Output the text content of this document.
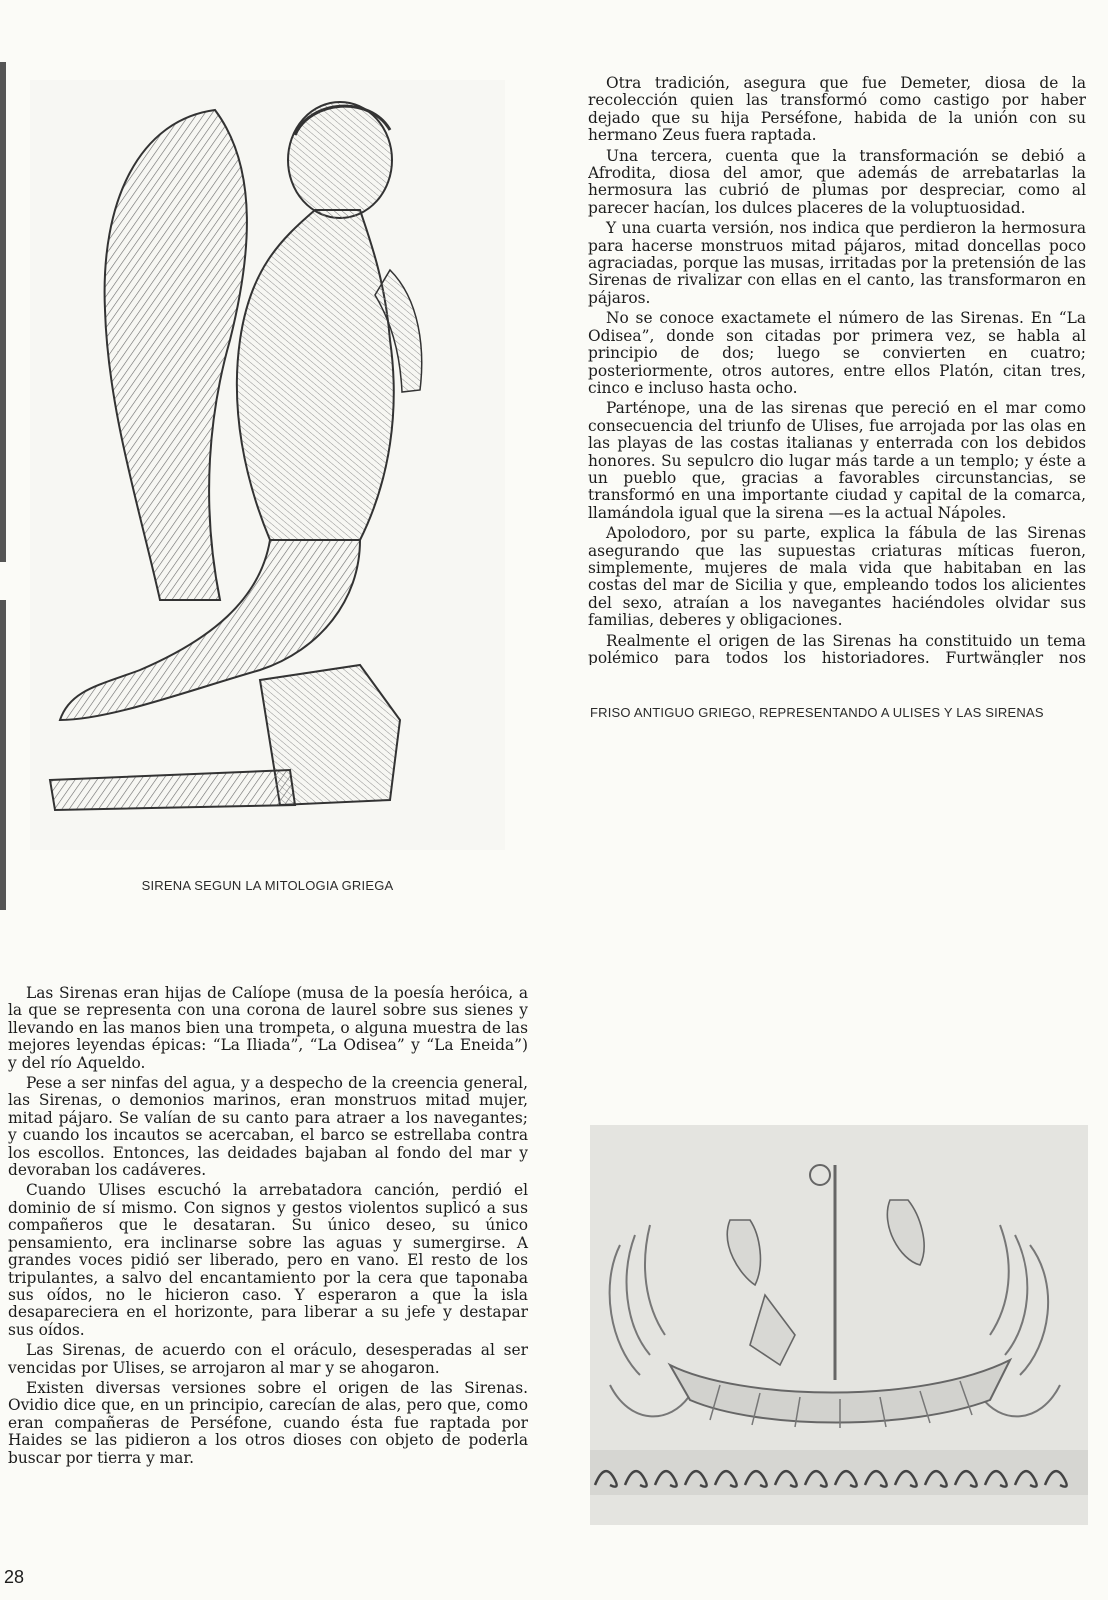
SIRENA SEGUN LA MITOLOGIA GRIEGA

Las Sirenas eran hijas de Calíope (musa de la poesía heróica, a la que se representa con una corona de laurel sobre sus sienes y llevando en las manos bien una trompeta, o alguna muestra de las mejores leyendas épicas: “La Iliada”, “La Odisea” y “La Eneida”) y del río Aqueldo.

Pese a ser ninfas del agua, y a despecho de la creencia general, las Sirenas, o demonios marinos, eran monstruos mitad mujer, mitad pájaro. Se valían de su canto para atraer a los navegantes; y cuando los incautos se acercaban, el barco se estrellaba contra los escollos. Entonces, las deidades bajaban al fondo del mar y devoraban los cadáveres.

Cuando Ulises escuchó la arrebatadora canción, perdió el dominio de sí mismo. Con signos y gestos violentos suplicó a sus compañeros que le desataran. Su único deseo, su único pensamiento, era inclinarse sobre las aguas y sumergirse. A grandes voces pidió ser liberado, pero en vano. El resto de los tripulantes, a salvo del encantamiento por la cera que taponaba sus oídos, no le hicieron caso. Y esperaron a que la isla desapareciera en el horizonte, para liberar a su jefe y destapar sus oídos.

Las Sirenas, de acuerdo con el oráculo, desesperadas al ser vencidas por Ulises, se arrojaron al mar y se ahogaron.

Existen diversas versiones sobre el origen de las Sirenas. Ovidio dice que, en un principio, carecían de alas, pero que, como eran compañeras de Perséfone, cuando ésta fue raptada por Haides se las pidieron a los otros dioses con objeto de poderla buscar por tierra y mar.

Otra tradición, asegura que fue Demeter, diosa de la recolección quien las transformó como castigo por haber dejado que su hija Perséfone, habida de la unión con su hermano Zeus fuera raptada.

Una tercera, cuenta que la transformación se debió a Afrodita, diosa del amor, que además de arrebatarlas la hermosura las cubrió de plumas por despreciar, como al parecer hacían, los dulces placeres de la voluptuosidad.

Y una cuarta versión, nos indica que perdieron la hermosura para hacerse monstruos mitad pájaros, mitad doncellas poco agraciadas, porque las musas, irritadas por la pretensión de las Sirenas de rivalizar con ellas en el canto, las transformaron en pájaros.

No se conoce exactamete el número de las Sirenas. En “La Odisea”, donde son citadas por primera vez, se habla al principio de dos; luego se convierten en cuatro; posteriormente, otros autores, entre ellos Platón, citan tres, cinco e incluso hasta ocho.

Parténope, una de las sirenas que pereció en el mar como consecuencia del triunfo de Ulises, fue arrojada por las olas en las playas de las costas italianas y enterrada con los debidos honores. Su sepulcro dio lugar más tarde a un templo; y éste a un pueblo que, gracias a favorables circunstancias, se transformó en una importante ciudad y capital de la comarca, llamándola igual que la sirena —es la actual Nápoles.

Apolodoro, por su parte, explica la fábula de las Sirenas asegurando que las supuestas criaturas míticas fueron, simplemente, mujeres de mala vida que habitaban en las costas del mar de Sicilia y que, empleando todos los alicientes del sexo, atraían a los navegantes haciéndoles olvidar sus familias, deberes y obligaciones.

Realmente el origen de las Sirenas ha constituido un tema polémico para todos los historiadores. Furtwängler nos

FRISO ANTIGUO GRIEGO, REPRESENTANDO A ULISES Y LAS SIRENAS
28
